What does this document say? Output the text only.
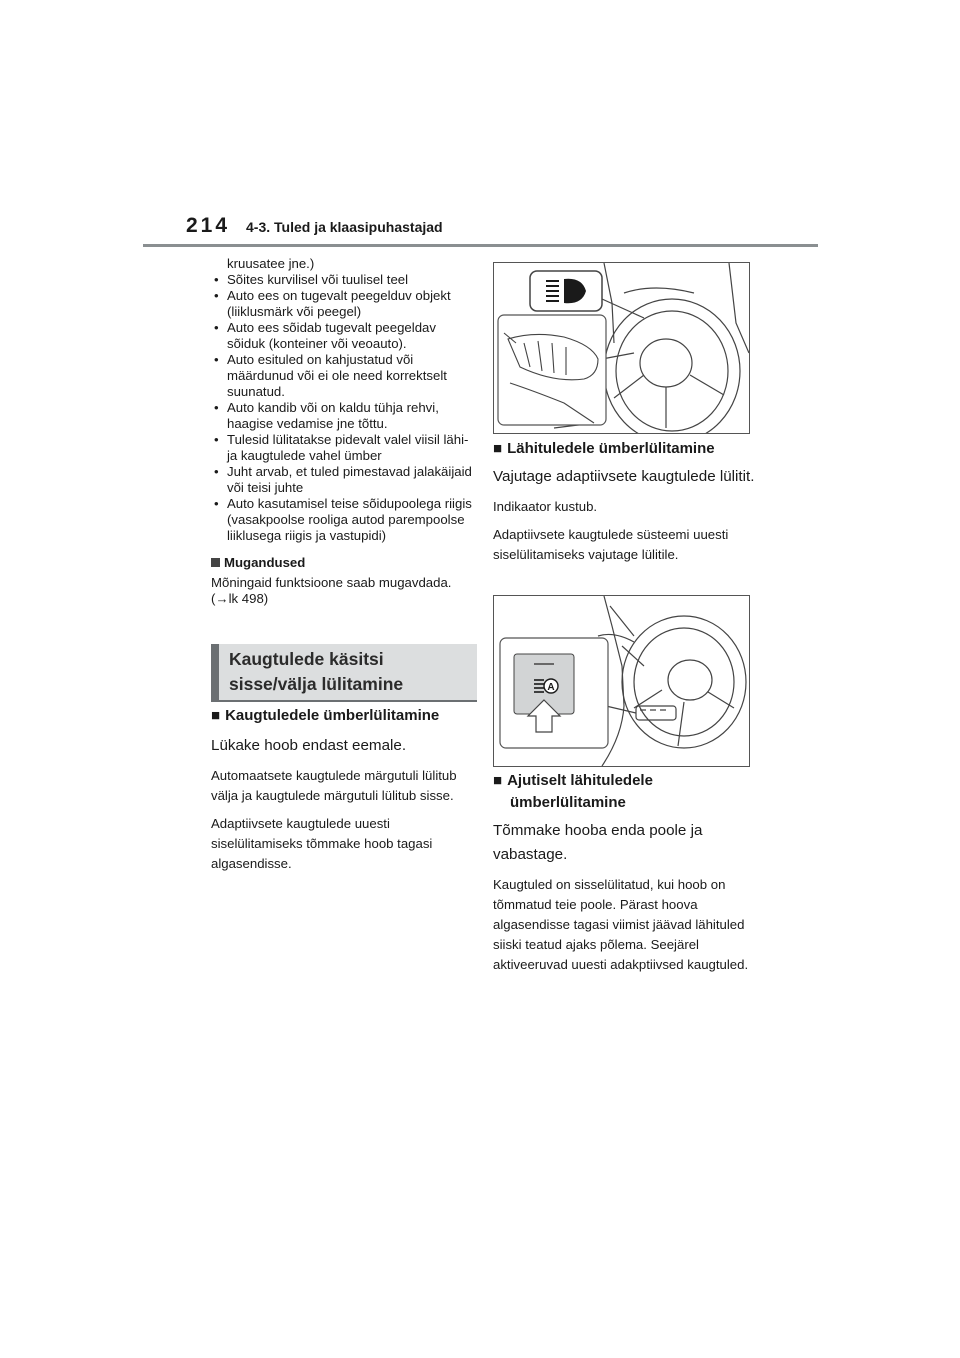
214 4-3. Tuled ja klaasipuhastajad
kruusatee jne.)
• Sõites kurvilisel või tuulisel teel
• Auto ees on tugevalt peegelduv objekt (liiklusmärk või peegel)
• Auto ees sõidab tugevalt peegeldav sõiduk (konteiner või veoauto).
• Auto esituled on kahjustatud või määrdunud või ei ole need korrektselt suunatud.
• Auto kandib või on kaldu tühja rehvi, haagise vedamise jne tõttu.
• Tulesid lülitatakse pidevalt valel viisil lähi- ja kaugtulede vahel ümber
• Juht arvab, et tuled pimestavad jalakäijaid või teisi juhte
• Auto kasutamisel teise sõidupoolega riigis (vasakpoolse rooliga autod parempoolse liiklusega riigis ja vastupidi)
Mugandused
Mõningaid funktsioone saab mugavdada. (→lk 498)
Kaugtulede käsitsi
sisse/välja lülitamine
■ Kaugtuledele ümberlülitamine
Lükake hoob endast eemale.
Automaatsete kaugtulede märgutuli lülitub välja ja kaugtulede märgutuli lülitub sisse.
Adaptiivsete kaugtulede uuesti siselülitamiseks tõmmake hoob tagasi algasendisse.
■ Lähituledele ümberlülitamine
Vajutage adaptiivsete kaugtulede lülitit.
Indikaator kustub.
Adaptiivsete kaugtulede süsteemi uuesti siselülitamiseks vajutage lülitile.
A
■ Ajutiselt lähituledele
ümberlülitamine
Tõmmake hooba enda poole ja vabastage.
Kaugtuled on sisselülitatud, kui hoob on tõmmatud teie poole. Pärast hoova algasendisse tagasi viimist jäävad lähituled siiski teatud ajaks põlema. Seejärel aktiveeruvad uuesti adakptiivsed kaugtuled.
